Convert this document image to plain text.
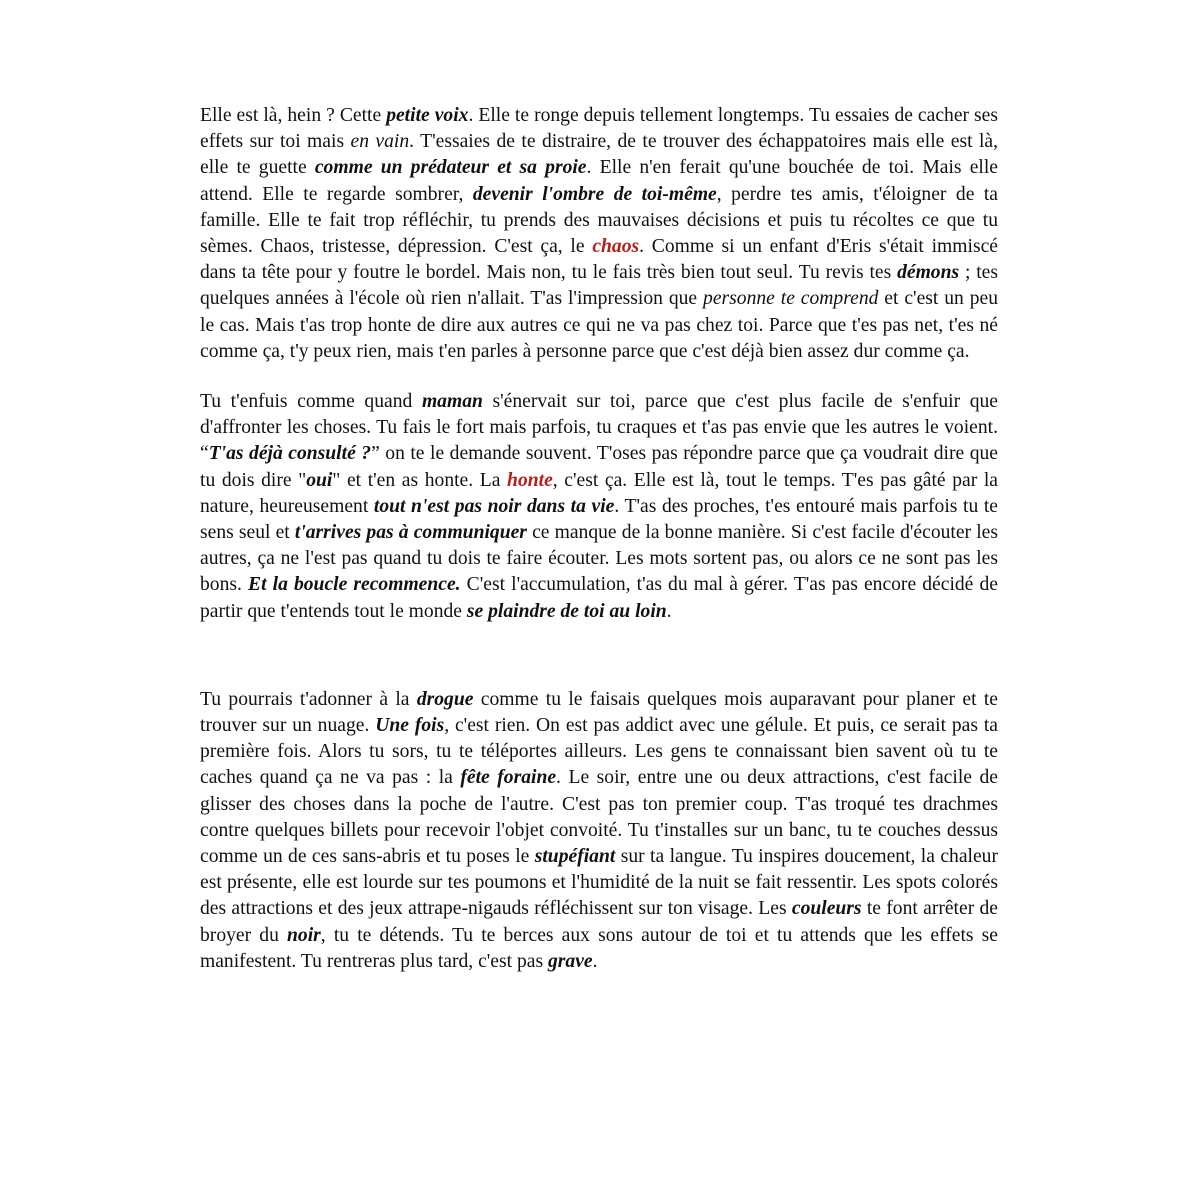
Elle est là, hein ? Cette petite voix. Elle te ronge depuis tellement longtemps. Tu essaies de cacher ses effets sur toi mais en vain. T'essaies de te distraire, de te trouver des échappatoires mais elle est là, elle te guette comme un prédateur et sa proie. Elle n'en ferait qu'une bouchée de toi. Mais elle attend. Elle te regarde sombrer, devenir l'ombre de toi-même, perdre tes amis, t'éloigner de ta famille. Elle te fait trop réfléchir, tu prends des mauvaises décisions et puis tu récoltes ce que tu sèmes. Chaos, tristesse, dépression. C'est ça, le chaos. Comme si un enfant d'Eris s'était immiscé dans ta tête pour y foutre le bordel. Mais non, tu le fais très bien tout seul. Tu revis tes démons ; tes quelques années à l'école où rien n'allait. T'as l'impression que personne te comprend et c'est un peu le cas. Mais t'as trop honte de dire aux autres ce qui ne va pas chez toi. Parce que t'es pas net, t'es né comme ça, t'y peux rien, mais t'en parles à personne parce que c'est déjà bien assez dur comme ça.

Tu t'enfuis comme quand maman s'énervait sur toi, parce que c'est plus facile de s'enfuir que d'affronter les choses. Tu fais le fort mais parfois, tu craques et t'as pas envie que les autres le voient. “T'as déjà consulté ?” on te le demande souvent. T'oses pas répondre parce que ça voudrait dire que tu dois dire "oui" et t'en as honte. La honte, c'est ça. Elle est là, tout le temps. T'es pas gâté par la nature, heureusement tout n'est pas noir dans ta vie. T'as des proches, t'es entouré mais parfois tu te sens seul et t'arrives pas à communiquer ce manque de la bonne manière. Si c'est facile d'écouter les autres, ça ne l'est pas quand tu dois te faire écouter. Les mots sortent pas, ou alors ce ne sont pas les bons. Et la boucle recommence. C'est l'accumulation, t'as du mal à gérer. T'as pas encore décidé de partir que t'entends tout le monde se plaindre de toi au loin.

Tu pourrais t'adonner à la drogue comme tu le faisais quelques mois auparavant pour planer et te trouver sur un nuage. Une fois, c'est rien. On est pas addict avec une gélule. Et puis, ce serait pas ta première fois. Alors tu sors, tu te téléportes ailleurs. Les gens te connaissant bien savent où tu te caches quand ça ne va pas : la fête foraine. Le soir, entre une ou deux attractions, c'est facile de glisser des choses dans la poche de l'autre. C'est pas ton premier coup. T'as troqué tes drachmes contre quelques billets pour recevoir l'objet convoité. Tu t'installes sur un banc, tu te couches dessus comme un de ces sans-abris et tu poses le stupéfiant sur ta langue. Tu inspires doucement, la chaleur est présente, elle est lourde sur tes poumons et l'humidité de la nuit se fait ressentir. Les spots colorés des attractions et des jeux attrape-nigauds réfléchissent sur ton visage. Les couleurs te font arrêter de broyer du noir, tu te détends. Tu te berces aux sons autour de toi et tu attends que les effets se manifestent. Tu rentreras plus tard, c'est pas grave.
